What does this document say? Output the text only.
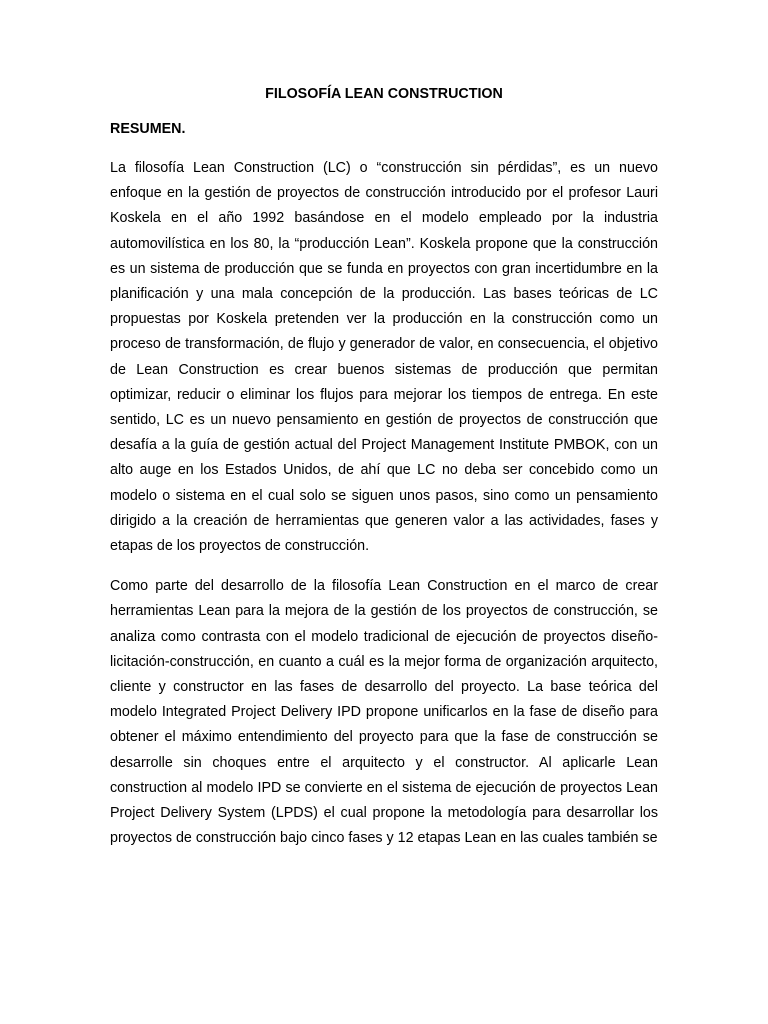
FILOSOFÍA LEAN CONSTRUCTION
RESUMEN.

La filosofía Lean Construction (LC) o “construcción sin pérdidas”, es un nuevo enfoque en la gestión de proyectos de construcción introducido por el profesor Lauri Koskela en el año 1992 basándose en el modelo empleado por la industria automovilística en los 80, la “producción Lean”. Koskela propone que la construcción es un sistema de producción que se funda en proyectos con gran incertidumbre en la planificación y una mala concepción de la producción. Las bases teóricas de LC propuestas por Koskela pretenden ver la producción en la construcción como un proceso de transformación, de flujo y generador de valor, en consecuencia, el objetivo de Lean Construction es crear buenos sistemas de producción que permitan optimizar, reducir o eliminar los flujos para mejorar los tiempos de entrega. En este sentido, LC es un nuevo pensamiento en gestión de proyectos de construcción que desafía a la guía de gestión actual del Project Management Institute PMBOK, con un alto auge en los Estados Unidos, de ahí que LC no deba ser concebido como un modelo o sistema en el cual solo se siguen unos pasos, sino como un pensamiento dirigido a la creación de herramientas que generen valor a las actividades, fases y etapas de los proyectos de construcción.

Como parte del desarrollo de la filosofía Lean Construction en el marco de crear herramientas Lean para la mejora de la gestión de los proyectos de construcción, se analiza como contrasta con el modelo tradicional de ejecución de proyectos diseño-licitación-construcción, en cuanto a cuál es la mejor forma de organización arquitecto, cliente y constructor en las fases de desarrollo del proyecto. La base teórica del modelo Integrated Project Delivery IPD propone unificarlos en la fase de diseño para obtener el máximo entendimiento del proyecto para que la fase de construcción se desarrolle sin choques entre el arquitecto y el constructor. Al aplicarle Lean construction al modelo IPD se convierte en el sistema de ejecución de proyectos Lean Project Delivery System (LPDS) el cual propone la metodología para desarrollar los proyectos de construcción bajo cinco fases y 12 etapas Lean en las cuales también se
